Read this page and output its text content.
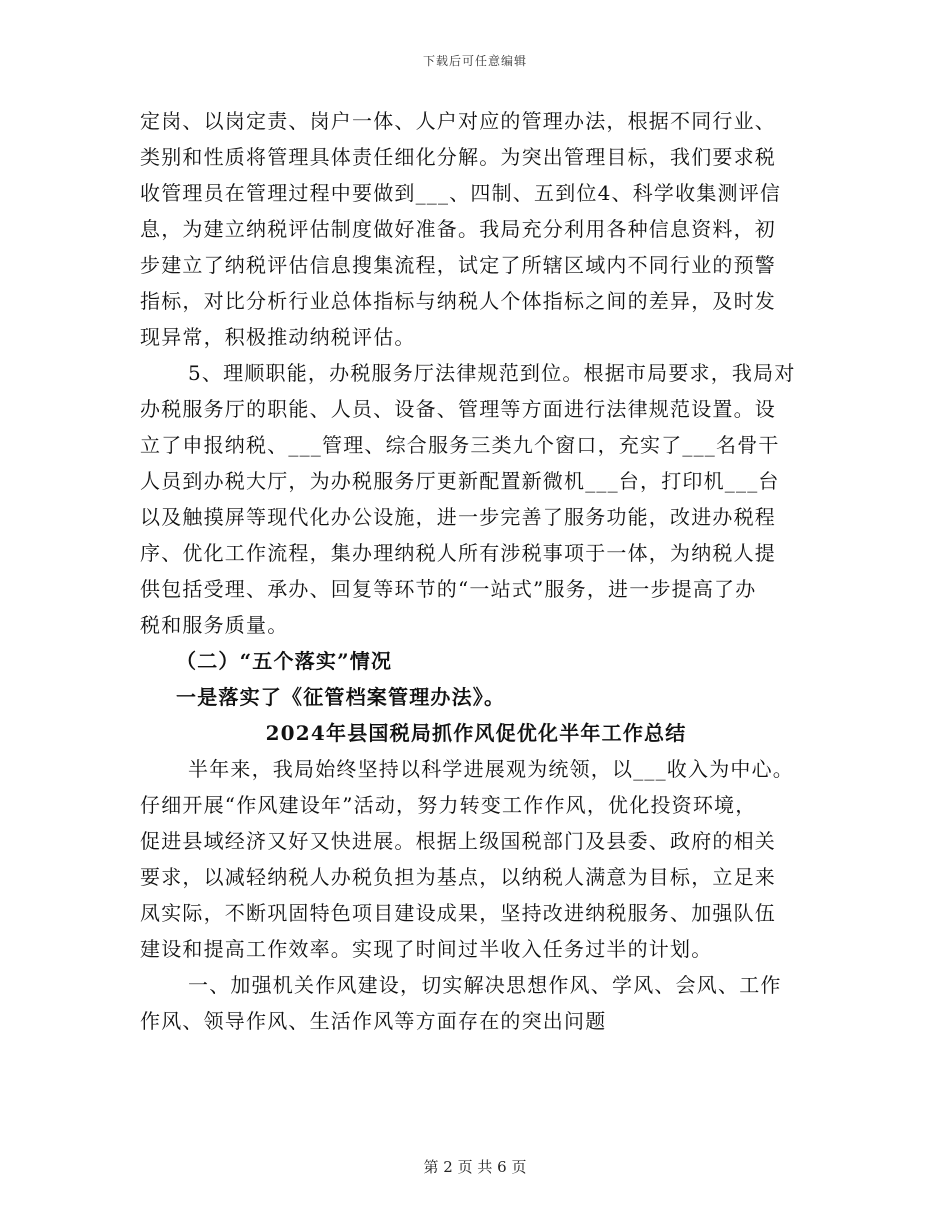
下载后可任意编辑
定岗、以岗定责、岗户一体、人户对应的管理办法，根据不同行业、
类别和性质将管理具体责任细化分解。为突出管理目标，我们要求税
收管理员在管理过程中要做到___、四制、五到位4、科学收集测评信
息，为建立纳税评估制度做好准备。我局充分利用各种信息资料，初
步建立了纳税评估信息搜集流程，试定了所辖区域内不同行业的预警
指标，对比分析行业总体指标与纳税人个体指标之间的差异，及时发
现异常，积极推动纳税评估。
5、理顺职能，办税服务厅法律规范到位。根据市局要求，我局对
办税服务厅的职能、人员、设备、管理等方面进行法律规范设置。设
立了申报纳税、___管理、综合服务三类九个窗口，充实了___名骨干
人员到办税大厅，为办税服务厅更新配置新微机___台，打印机___台
以及触摸屏等现代化办公设施，进一步完善了服务功能，改进办税程
序、优化工作流程，集办理纳税人所有涉税事项于一体，为纳税人提
供包括受理、承办、回复等环节的“一站式”服务，进一步提高了办
税和服务质量。
（二）“五个落实”情况
一是落实了《征管档案管理办法》。
2024年县国税局抓作风促优化半年工作总结
半年来，我局始终坚持以科学进展观为统领，以___收入为中心。
仔细开展“作风建设年”活动，努力转变工作作风，优化投资环境，
促进县域经济又好又快进展。根据上级国税部门及县委、政府的相关
要求，以减轻纳税人办税负担为基点，以纳税人满意为目标，立足来
凤实际，不断巩固特色项目建设成果，坚持改进纳税服务、加强队伍
建设和提高工作效率。实现了时间过半收入任务过半的计划。
一、加强机关作风建设，切实解决思想作风、学风、会风、工作
作风、领导作风、生活作风等方面存在的突出问题
第 2 页 共 6 页
